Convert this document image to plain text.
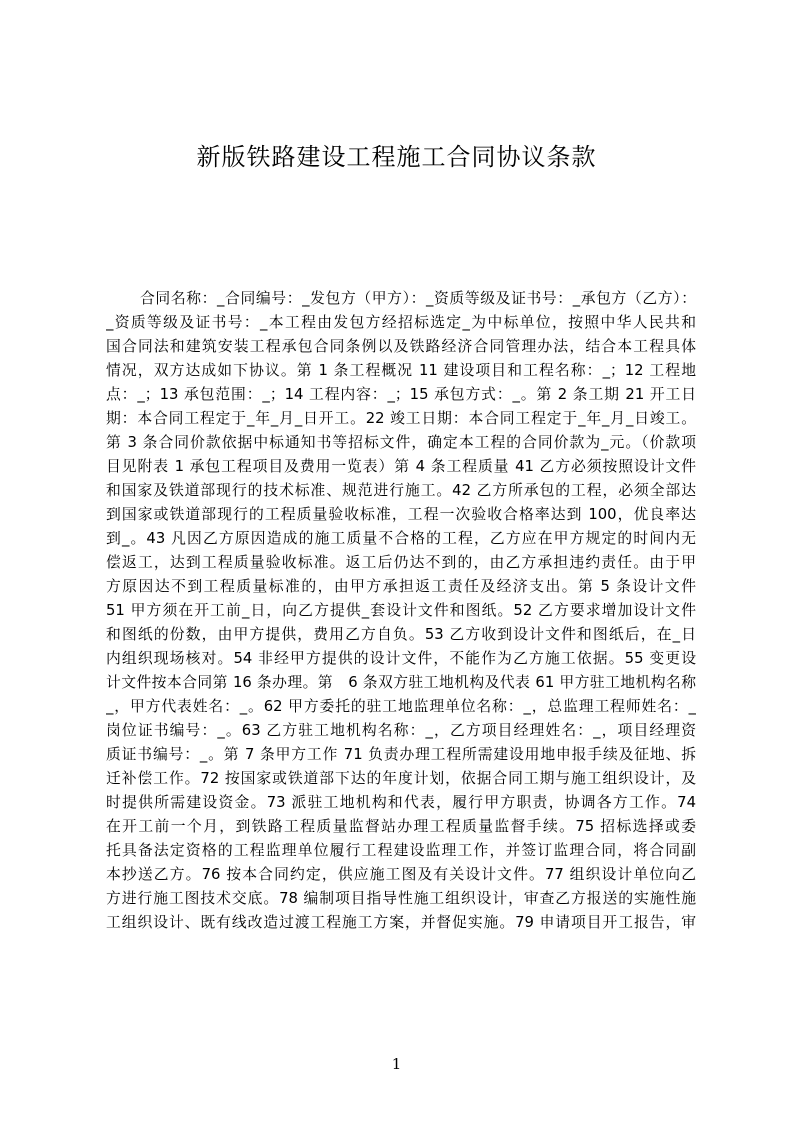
新版铁路建设工程施工合同协议条款
合同名称：_合同编号：_发包方（甲方）：_资质等级及证书号：_承包方（乙方）：
_资质等级及证书号：_本工程由发包方经招标选定_为中标单位，按照中华人民共和
国合同法和建筑安装工程承包合同条例以及铁路经济合同管理办法，结合本工程具体
情况，双方达成如下协议。第 1 条工程概况 11 建设项目和工程名称：_；12 工程地
点：_；13 承包范围：_；14 工程内容：_；15 承包方式：_。第 2 条工期 21 开工日
期：本合同工程定于_年_月_日开工。22 竣工日期：本合同工程定于_年_月_日竣工。
第 3 条合同价款依据中标通知书等招标文件，确定本工程的合同价款为_元。（价款项
目见附表 1 承包工程项目及费用一览表）第 4 条工程质量 41 乙方必须按照设计文件
和国家及铁道部现行的技术标准、规范进行施工。42 乙方所承包的工程，必须全部达
到国家或铁道部现行的工程质量验收标准，工程一次验收合格率达到 100，优良率达
到_。43 凡因乙方原因造成的施工质量不合格的工程，乙方应在甲方规定的时间内无
偿返工，达到工程质量验收标准。返工后仍达不到的，由乙方承担违约责任。由于甲
方原因达不到工程质量标准的，由甲方承担返工责任及经济支出。第 5 条设计文件
51 甲方须在开工前_日，向乙方提供_套设计文件和图纸。52 乙方要求增加设计文件
和图纸的份数，由甲方提供，费用乙方自负。53 乙方收到设计文件和图纸后，在_日
内组织现场核对。54 非经甲方提供的设计文件，不能作为乙方施工依据。55 变更设
计文件按本合同第 16 条办理。第　6 条双方驻工地机构及代表 61 甲方驻工地机构名称
_，甲方代表姓名：_。62 甲方委托的驻工地监理单位名称：_，总监理工程师姓名：_
岗位证书编号：_。63 乙方驻工地机构名称：_，乙方项目经理姓名：_，项目经理资
质证书编号：_。第 7 条甲方工作 71 负责办理工程所需建设用地申报手续及征地、拆
迁补偿工作。72 按国家或铁道部下达的年度计划，依据合同工期与施工组织设计，及
时提供所需建设资金。73 派驻工地机构和代表，履行甲方职责，协调各方工作。74
在开工前一个月，到铁路工程质量监督站办理工程质量监督手续。75 招标选择或委
托具备法定资格的工程监理单位履行工程建设监理工作，并签订监理合同，将合同副
本抄送乙方。76 按本合同约定，供应施工图及有关设计文件。77 组织设计单位向乙
方进行施工图技术交底。78 编制项目指导性施工组织设计，审查乙方报送的实施性施
工组织设计、既有线改造过渡工程施工方案，并督促实施。79 申请项目开工报告，审
1
